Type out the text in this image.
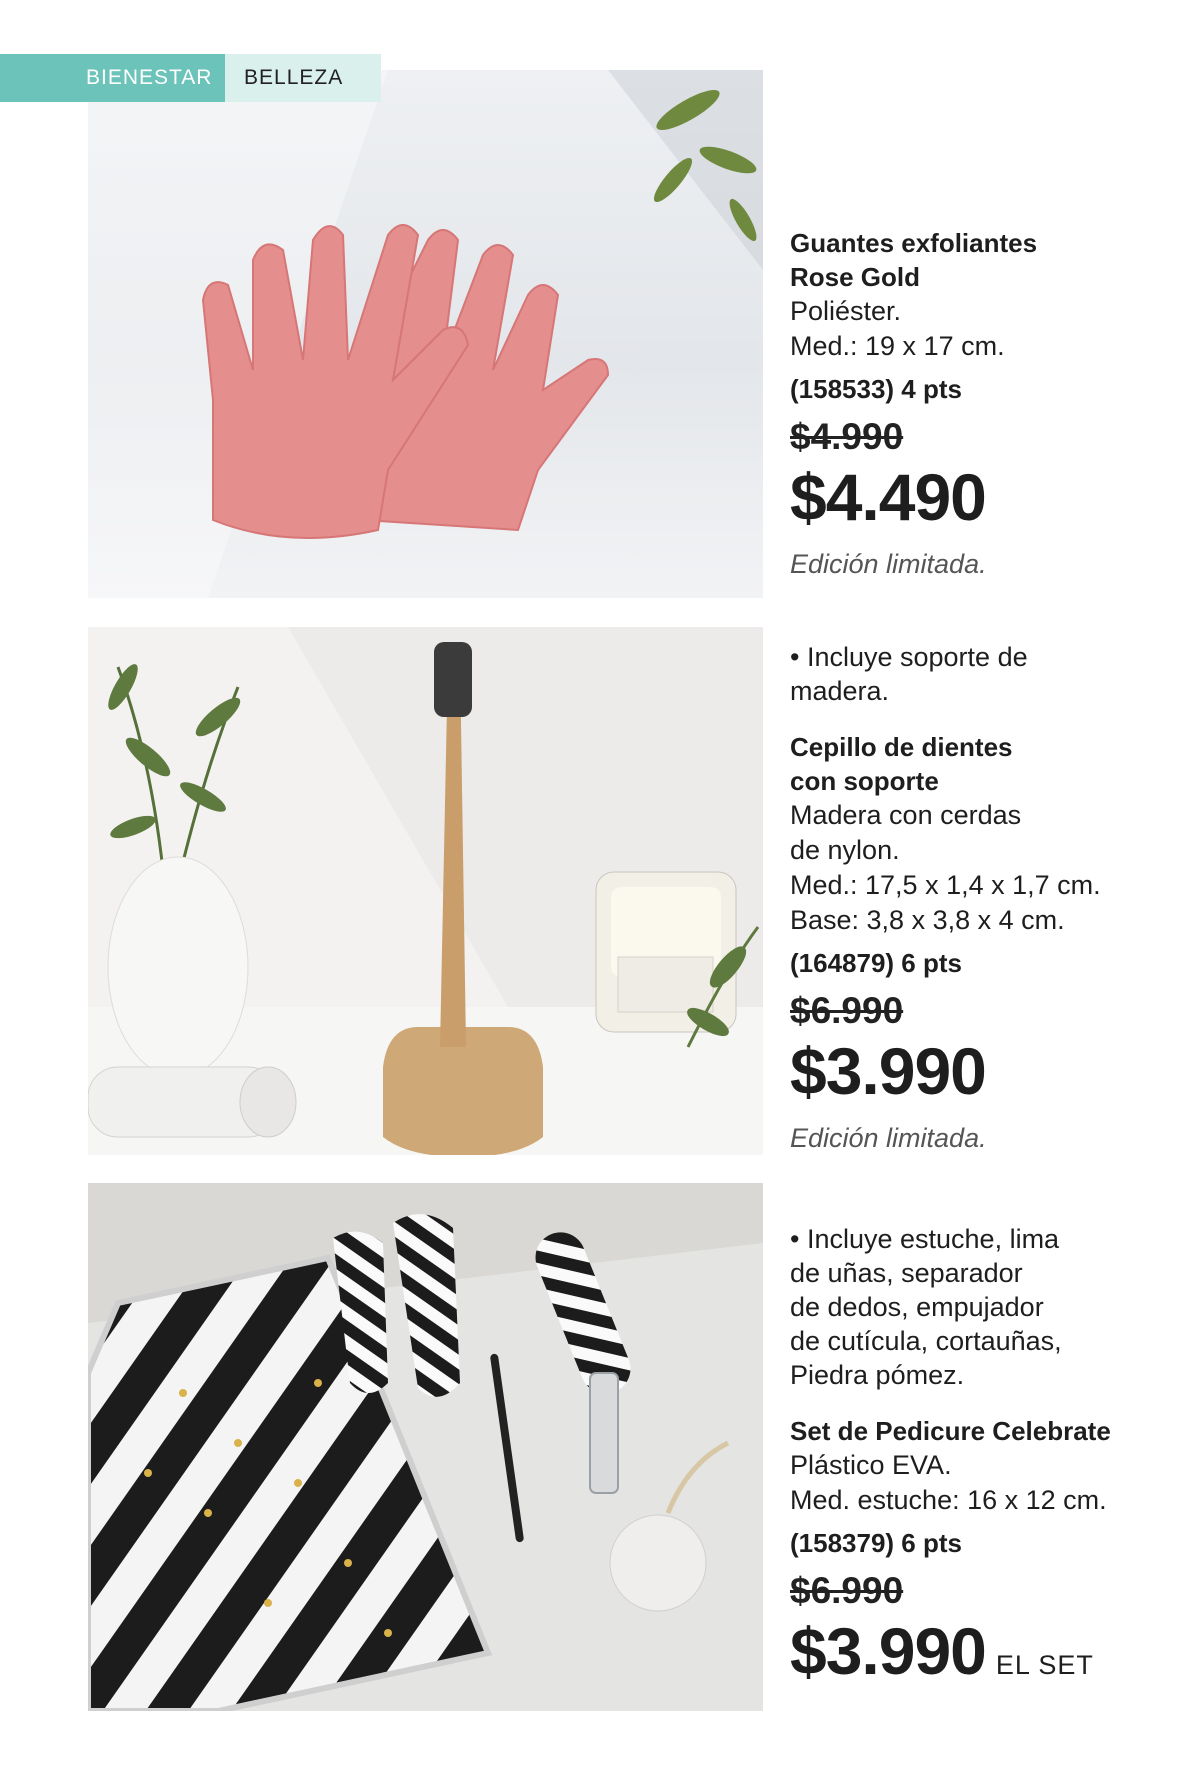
BIENESTAR	BELLEZA

Guantes exfoliantes

Rose Gold

Poliéster.

Med.: 19 x 17 cm.

(158533) 4 pts

$4.990

$4.490

Edición limitada.

• Incluye soporte de
madera.

Cepillo de dientes

con soporte

Madera con cerdas

de nylon.

Med.: 17,5 x 1,4 x 1,7 cm.

Base: 3,8 x 3,8 x 4 cm.

(164879) 6 pts

$6.990

$3.990

Edición limitada.

• Incluye estuche, lima
de uñas, separador
de dedos, empujador
de cutícula, cortauñas,
Piedra pómez.

Set de Pedicure Celebrate

Plástico EVA.

Med. estuche: 16 x 12 cm.

(158379) 6 pts

$6.990

$3.990 EL SET
